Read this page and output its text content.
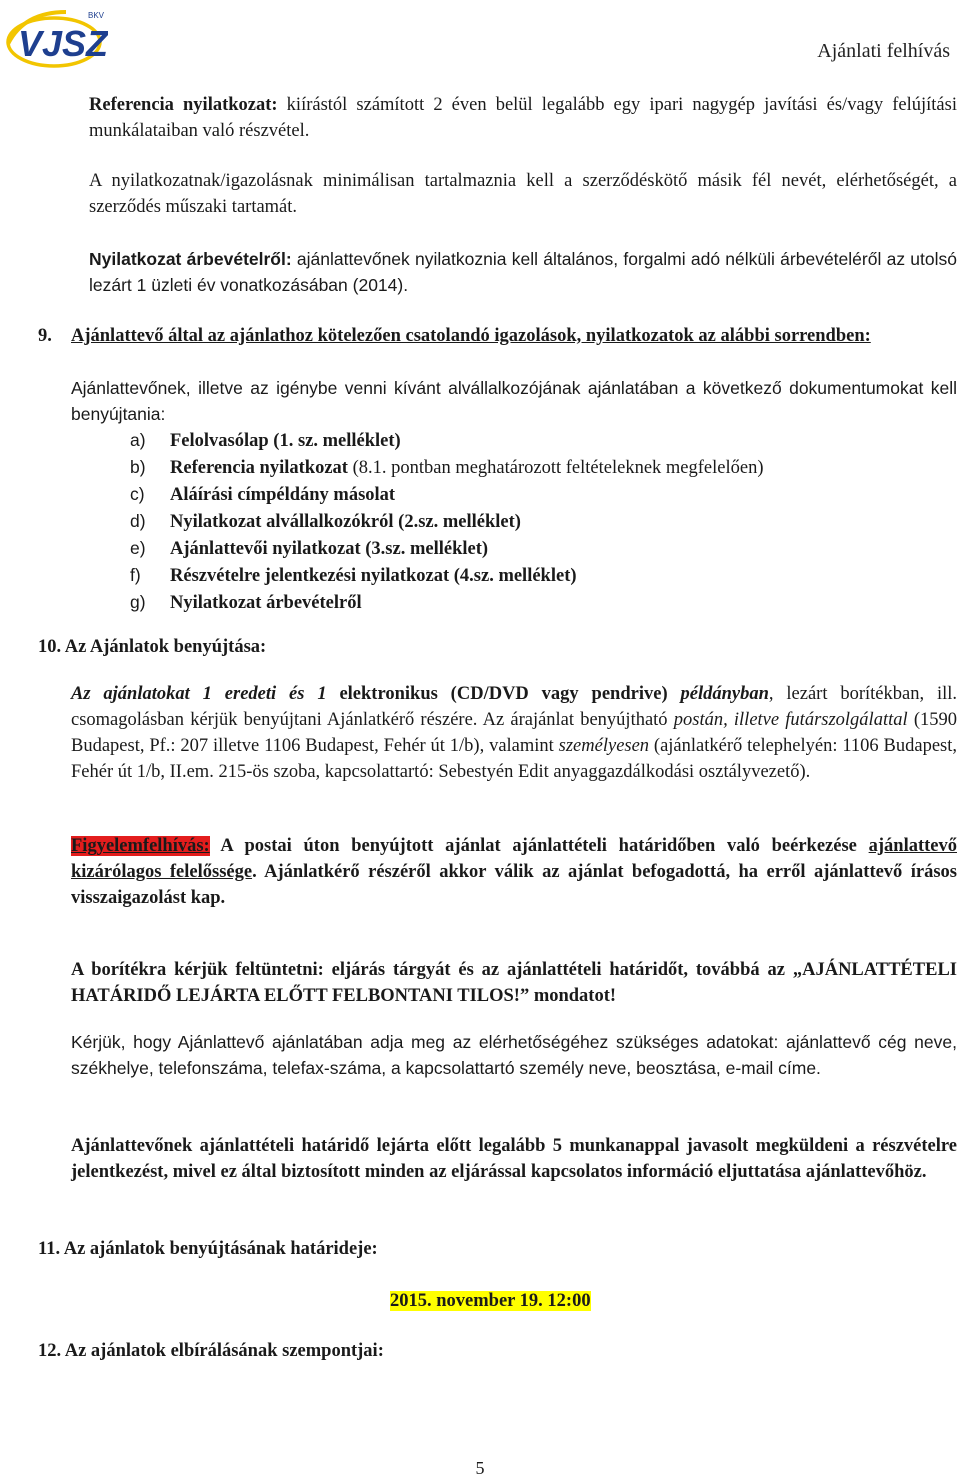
VJSZ
BKV
Ajánlati felhívás
Referencia nyilatkozat: kiírástól számított 2 éven belül legalább egy ipari nagygép javítási és/vagy felújítási munkálataiban való részvétel.
A nyilatkozatnak/igazolásnak minimálisan tartalmaznia kell a szerződéskötő másik fél nevét, elérhetőségét, a szerződés műszaki tartamát.
Nyilatkozat árbevételről: ajánlattevőnek nyilatkoznia kell általános, forgalmi adó nélküli árbevételéről az utolsó lezárt 1 üzleti év vonatkozásában (2014).
9. Ajánlattevő által az ajánlathoz kötelezően csatolandó igazolások, nyilatkozatok az alábbi sorrendben:
Ajánlattevőnek, illetve az igénybe venni kívánt alvállalkozójának ajánlatában a következő dokumentumokat kell benyújtania:
a) Felolvasólap (1. sz. melléklet)
b) Referencia nyilatkozat (8.1. pontban meghatározott feltételeknek megfelelően)
c) Aláírási címpéldány másolat
d) Nyilatkozat alvállalkozókról (2.sz. melléklet)
e) Ajánlattevői nyilatkozat (3.sz. melléklet)
f) Részvételre jelentkezési nyilatkozat (4.sz. melléklet)
g) Nyilatkozat árbevételről
10. Az Ajánlatok benyújtása:
Az ajánlatokat 1 eredeti és 1 elektronikus (CD/DVD vagy pendrive) példányban, lezárt borítékban, ill. csomagolásban kérjük benyújtani Ajánlatkérő részére. Az árajánlat benyújtható postán, illetve futárszolgálattal (1590 Budapest, Pf.: 207 illetve 1106 Budapest, Fehér út 1/b), valamint személyesen (ajánlatkérő telephelyén: 1106 Budapest, Fehér út 1/b, II.em. 215-ös szoba, kapcsolattartó: Sebestyén Edit anyaggazdálkodási osztályvezető).
Figyelemfelhívás: A postai úton benyújtott ajánlat ajánlattételi határidőben való beérkezése ajánlattevő kizárólagos felelőssége. Ajánlatkérő részéről akkor válik az ajánlat befogadottá, ha erről ajánlattevő írásos visszaigazolást kap.
A borítékra kérjük feltüntetni: eljárás tárgyát és az ajánlattételi határidőt, továbbá az „AJÁNLATTÉTELI HATÁRIDŐ LEJÁRTA ELŐTT FELBONTANI TILOS!” mondatot!
Kérjük, hogy Ajánlattevő ajánlatában adja meg az elérhetőségéhez szükséges adatokat: ajánlattevő cég neve, székhelye, telefonszáma, telefax-száma, a kapcsolattartó személy neve, beosztása, e-mail címe.
Ajánlattevőnek ajánlattételi határidő lejárta előtt legalább 5 munkanappal javasolt megküldeni a részvételre jelentkezést, mivel ez által biztosított minden az eljárással kapcsolatos információ eljuttatása ajánlattevőhöz.
11. Az ajánlatok benyújtásának határideje:
2015. november 19. 12:00
12. Az ajánlatok elbírálásának szempontjai:
5
